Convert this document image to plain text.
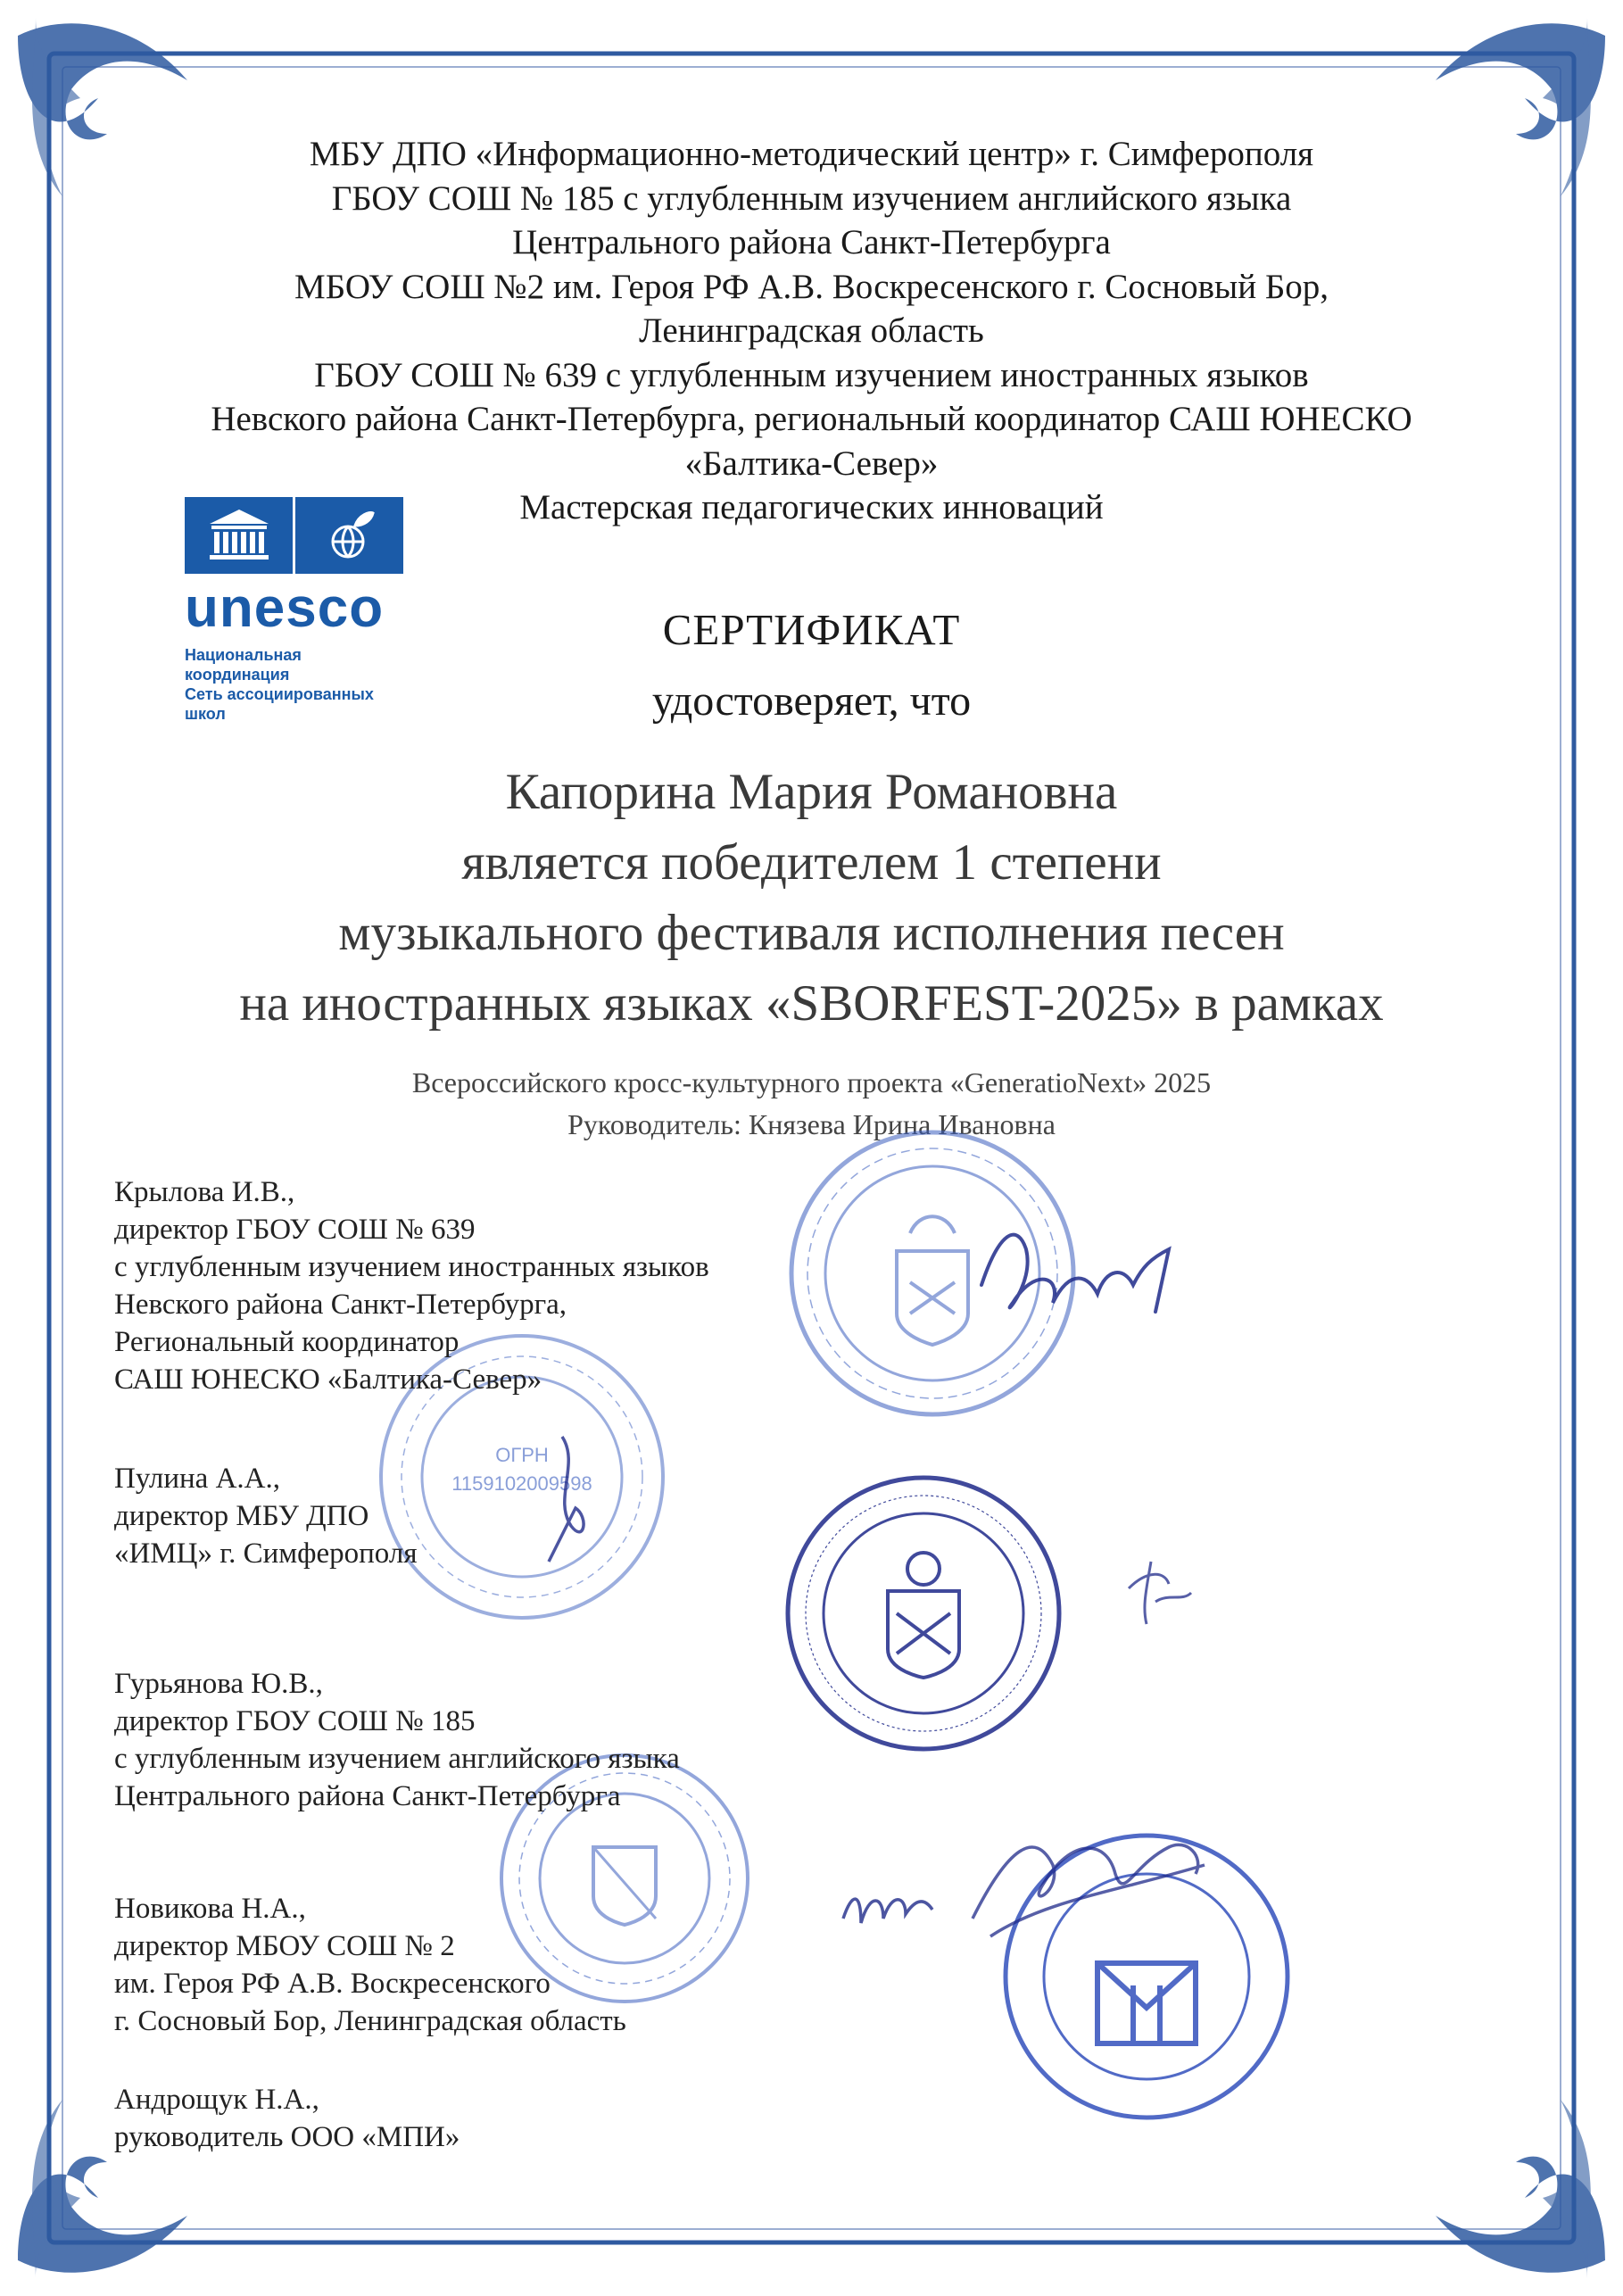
МБУ ДПО «Информационно-методический центр» г. Симферополя
ГБОУ СОШ № 185 с углубленным изучением английского языка
Центрального района Санкт-Петербурга
МБОУ СОШ №2 им. Героя РФ А.В. Воскресенского г. Сосновый Бор,
Ленинградская область
ГБОУ СОШ № 639 с углубленным изучением иностранных языков
Невского района Санкт-Петербурга, региональный координатор САШ ЮНЕСКО
«Балтика-Север»
Мастерская педагогических инноваций
unesco
Национальная
координация
Сеть ассоциированных
школ
СЕРТИФИКАТ
удостоверяет, что
Капорина Мария Романовна
является победителем 1 степени
музыкального фестиваля исполнения песен
на иностранных языках «SBORFEST-2025» в рамках
Всероссийского кросс-культурного проекта «GeneratioNext» 2025
Руководитель: Князева Ирина Ивановна
ОГРН
1159102009598
Крылова И.В.,
директор ГБОУ СОШ № 639
с углубленным изучением иностранных языков
Невского района Санкт-Петербурга,
Региональный координатор
САШ ЮНЕСКО «Балтика-Север»
Пулина А.А.,
директор МБУ ДПО
«ИМЦ» г. Симферополя
Гурьянова Ю.В.,
директор ГБОУ СОШ № 185
с углубленным изучением английского языка
Центрального района Санкт-Петербурга
Новикова Н.А.,
директор МБОУ СОШ № 2
им. Героя РФ А.В. Воскресенского
г. Сосновый Бор, Ленинградская область
Андрощук Н.А.,
руководитель ООО «МПИ»
